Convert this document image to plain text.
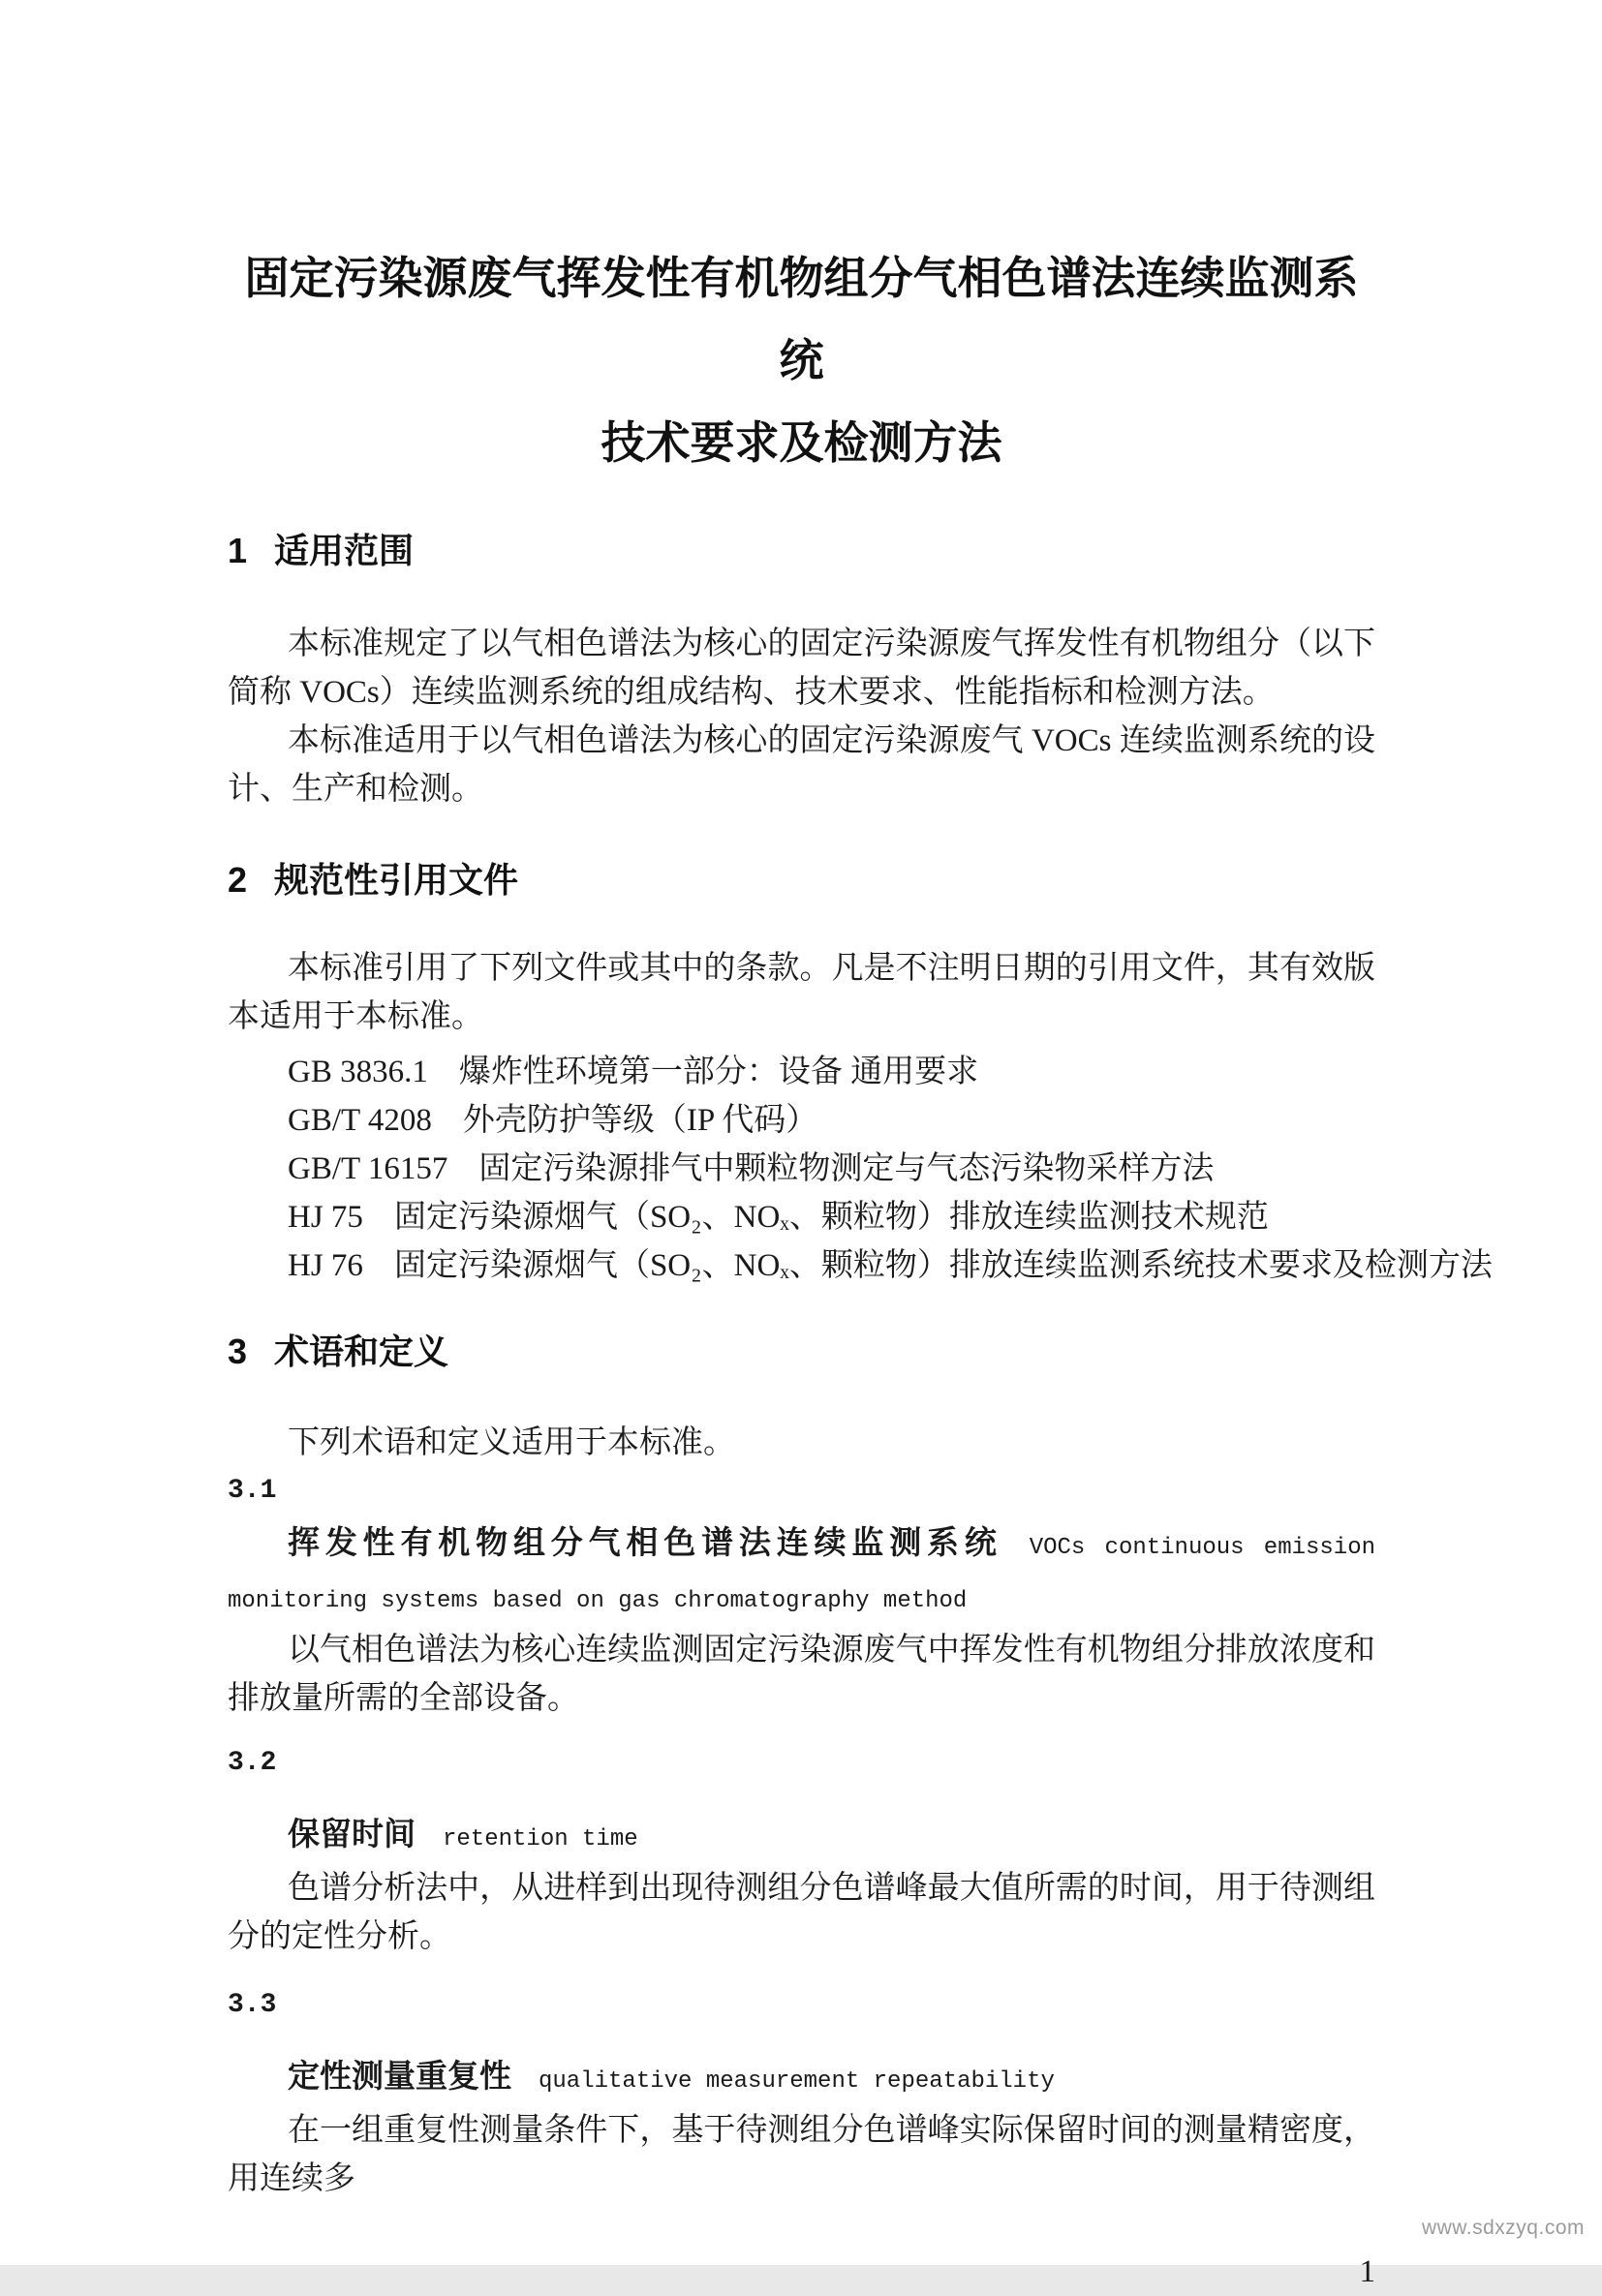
固定污染源废气挥发性有机物组分气相色谱法连续监测系统
技术要求及检测方法
1 适用范围

本标准规定了以气相色谱法为核心的固定污染源废气挥发性有机物组分（以下简称 VOCs）连续监测系统的组成结构、技术要求、性能指标和检测方法。

本标准适用于以气相色谱法为核心的固定污染源废气 VOCs 连续监测系统的设计、生产和检测。

2 规范性引用文件

本标准引用了下列文件或其中的条款。凡是不注明日期的引用文件，其有效版本适用于本标准。

GB 3836.1 爆炸性环境第一部分：设备 通用要求
GB/T 4208 外壳防护等级（IP 代码）
GB/T 16157 固定污染源排气中颗粒物测定与气态污染物采样方法
HJ 75 固定污染源烟气（SO₂、NOₓ、颗粒物）排放连续监测技术规范
HJ 76 固定污染源烟气（SO₂、NOₓ、颗粒物）排放连续监测系统技术要求及检测方法
3 术语和定义

下列术语和定义适用于本标准。

3.1

挥发性有机物组分气相色谱法连续监测系统 VOCs continuous emission monitoring systems based on gas chromatography method

以气相色谱法为核心连续监测固定污染源废气中挥发性有机物组分排放浓度和排放量所需的全部设备。

3.2

保留时间 retention time

色谱分析法中，从进样到出现待测组分色谱峰最大值所需的时间，用于待测组分的定性分析。

3.3

定性测量重复性 qualitative measurement repeatability

在一组重复性测量条件下，基于待测组分色谱峰实际保留时间的测量精密度，用连续多

1
www.sdxzyq.com
